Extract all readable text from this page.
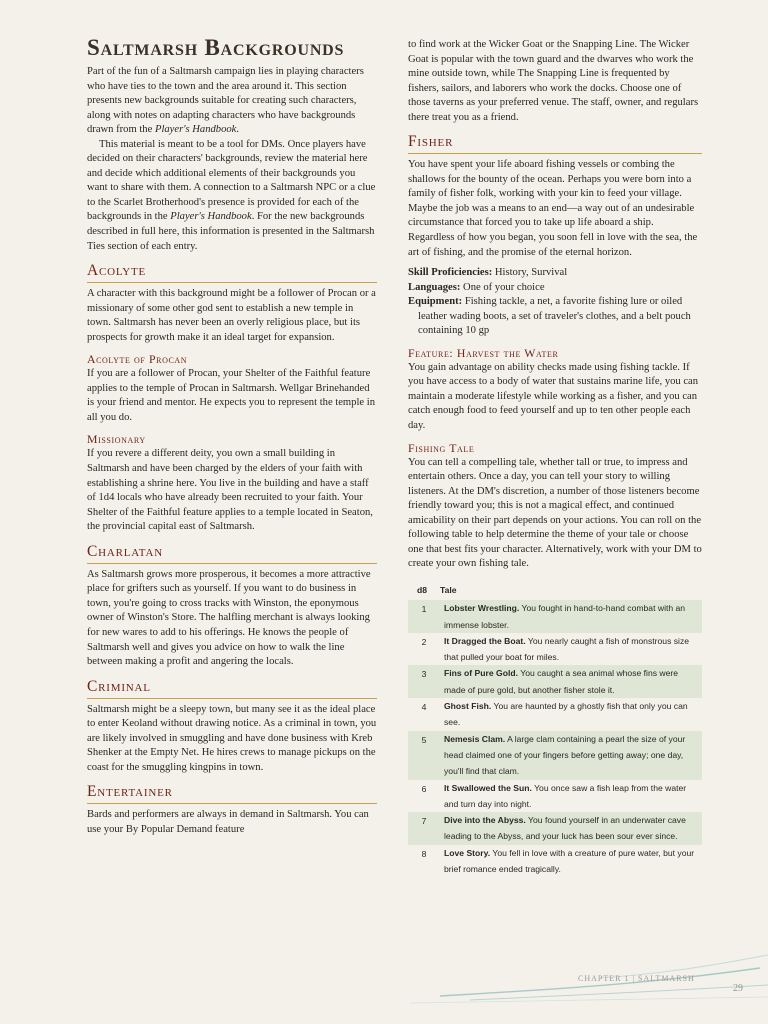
Saltmarsh Backgrounds

Part of the fun of a Saltmarsh campaign lies in playing characters who have ties to the town and the area around it. This section presents new backgrounds suitable for creating such characters, along with notes on adapting characters who have backgrounds drawn from the Player's Handbook.

This material is meant to be a tool for DMs. Once players have decided on their characters' backgrounds, review the material here and decide which additional elements of their backgrounds you want to share with them. A connection to a Saltmarsh NPC or a clue to the Scarlet Brotherhood's presence is provided for each of the backgrounds in the Player's Handbook. For the new backgrounds described in full here, this information is presented in the Saltmarsh Ties section of each entry.

Acolyte

A character with this background might be a follower of Procan or a missionary of some other god sent to establish a new temple in town. Saltmarsh has never been an overly religious place, but its prospects for growth make it an ideal target for expansion.

Acolyte of Procan

If you are a follower of Procan, your Shelter of the Faithful feature applies to the temple of Procan in Saltmarsh. Wellgar Brinehanded is your friend and mentor. He expects you to represent the temple in all you do.

Missionary

If you revere a different deity, you own a small building in Saltmarsh and have been charged by the elders of your faith with establishing a shrine here. You live in the building and have a staff of 1d4 locals who have already been recruited to your faith. Your Shelter of the Faithful feature applies to a temple located in Seaton, the provincial capital east of Saltmarsh.

Charlatan

As Saltmarsh grows more prosperous, it becomes a more attractive place for grifters such as yourself. If you want to do business in town, you're going to cross tracks with Winston, the eponymous owner of Winston's Store. The halfling merchant is always looking for new wares to add to his offerings. He knows the people of Saltmarsh well and gives you advice on how to walk the line between making a profit and angering the locals.

Criminal

Saltmarsh might be a sleepy town, but many see it as the ideal place to enter Keoland without drawing notice. As a criminal in town, you are likely involved in smuggling and have done business with Kreb Shenker at the Empty Net. He hires crews to manage pickups on the coast for the smuggling kingpins in town.

Entertainer

Bards and performers are always in demand in Saltmarsh. You can use your By Popular Demand feature

to find work at the Wicker Goat or the Snapping Line. The Wicker Goat is popular with the town guard and the dwarves who work the mine outside town, while The Snapping Line is frequented by fishers, sailors, and laborers who work the docks. Choose one of those taverns as your preferred venue. The staff, owner, and regulars there treat you as a friend.

Fisher

You have spent your life aboard fishing vessels or combing the shallows for the bounty of the ocean. Perhaps you were born into a family of fisher folk, working with your kin to feed your village. Maybe the job was a means to an end—a way out of an undesirable circumstance that forced you to take up life aboard a ship. Regardless of how you began, you soon fell in love with the sea, the art of fishing, and the promise of the eternal horizon.

Skill Proficiencies: History, Survival

Languages: One of your choice

Equipment: Fishing tackle, a net, a favorite fishing lure or oiled leather wading boots, a set of traveler's clothes, and a belt pouch containing 10 gp

Feature: Harvest the Water

You gain advantage on ability checks made using fishing tackle. If you have access to a body of water that sustains marine life, you can maintain a moderate lifestyle while working as a fisher, and you can catch enough food to feed yourself and up to ten other people each day.

Fishing Tale

You can tell a compelling tale, whether tall or true, to impress and entertain others. Once a day, you can tell your story to willing listeners. At the DM's discretion, a number of those listeners become friendly toward you; this is not a magical effect, and continued amicability on their part depends on your actions. You can roll on the following table to help determine the theme of your tale or choose one that best fits your character. Alternatively, work with your DM to create your own fishing tale.

d8	Tale
1	Lobster Wrestling. You fought in hand-to-hand combat with an immense lobster.
2	It Dragged the Boat. You nearly caught a fish of monstrous size that pulled your boat for miles.
3	Fins of Pure Gold. You caught a sea animal whose fins were made of pure gold, but another fisher stole it.
4	Ghost Fish. You are haunted by a ghostly fish that only you can see.
5	Nemesis Clam. A large clam containing a pearl the size of your head claimed one of your fingers before getting away; one day, you'll find that clam.
6	It Swallowed the Sun. You once saw a fish leap from the water and turn day into night.
7	Dive into the Abyss. You found yourself in an underwater cave leading to the Abyss, and your luck has been sour ever since.
8	Love Story. You fell in love with a creature of pure water, but your brief romance ended tragically.
CHAPTER 1 | SALTMARSH
29
